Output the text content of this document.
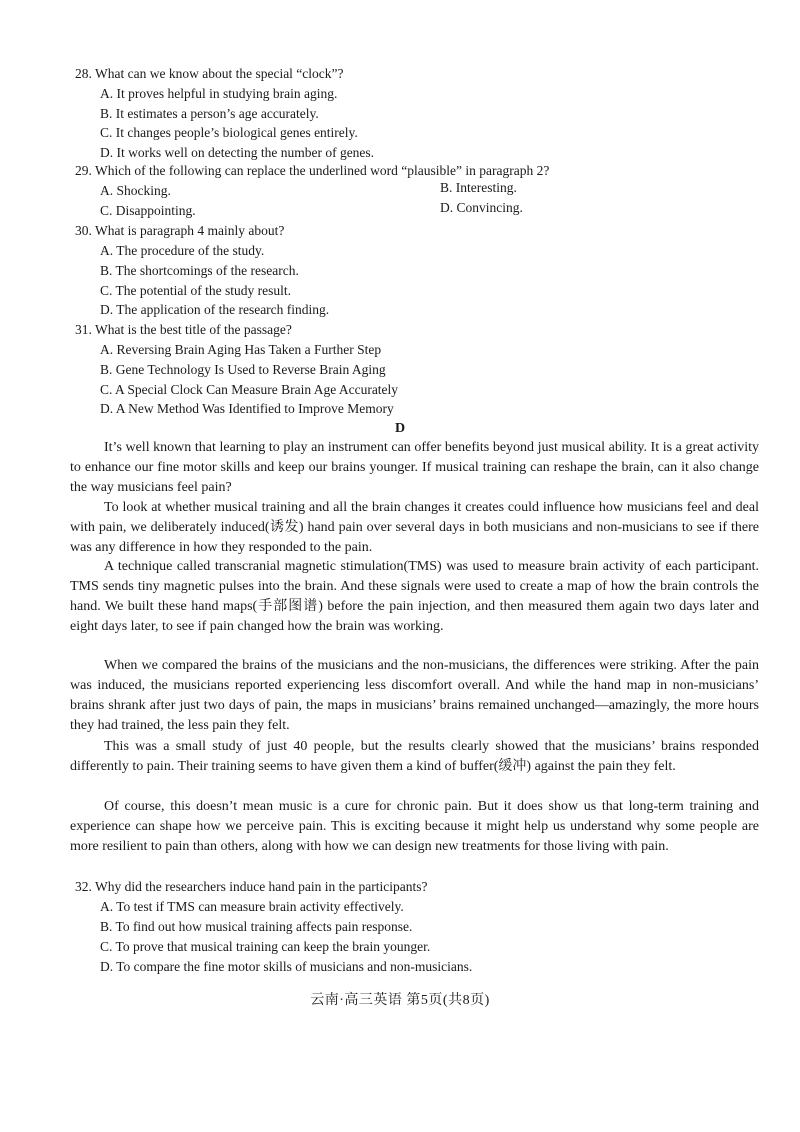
28. What can we know about the special “clock”?
A. It proves helpful in studying brain aging.
B. It estimates a person’s age accurately.
C. It changes people’s biological genes entirely.
D. It works well on detecting the number of genes.
29. Which of the following can replace the underlined word “plausible” in paragraph 2?
A. Shocking.	B. Interesting.
C. Disappointing.	D. Convincing.
30. What is paragraph 4 mainly about?
A. The procedure of the study.
B. The shortcomings of the research.
C. The potential of the study result.
D. The application of the research finding.
31. What is the best title of the passage?
A. Reversing Brain Aging Has Taken a Further Step
B. Gene Technology Is Used to Reverse Brain Aging
C. A Special Clock Can Measure Brain Age Accurately
D. A New Method Was Identified to Improve Memory
D
It’s well known that learning to play an instrument can offer benefits beyond just musical ability. It is a great activity to enhance our fine motor skills and keep our brains younger. If musical training can reshape the brain, can it also change the way musicians feel pain?
To look at whether musical training and all the brain changes it creates could influence how musicians feel and deal with pain, we deliberately induced(诱发) hand pain over several days in both musicians and non-musicians to see if there was any difference in how they responded to the pain.
A technique called transcranial magnetic stimulation(TMS) was used to measure brain activity of each participant. TMS sends tiny magnetic pulses into the brain. And these signals were used to create a map of how the brain controls the hand. We built these hand maps(手部图谱) before the pain injection, and then measured them again two days later and eight days later, to see if pain changed how the brain was working.
When we compared the brains of the musicians and the non-musicians, the differences were striking. After the pain was induced, the musicians reported experiencing less discomfort overall. And while the hand map in non-musicians’ brains shrank after just two days of pain, the maps in musicians’ brains remained unchanged—amazingly, the more hours they had trained, the less pain they felt.
This was a small study of just 40 people, but the results clearly showed that the musicians’ brains responded differently to pain. Their training seems to have given them a kind of buffer(缓冲) against the pain they felt.
Of course, this doesn’t mean music is a cure for chronic pain. But it does show us that long-term training and experience can shape how we perceive pain. This is exciting because it might help us understand why some people are more resilient to pain than others, along with how we can design new treatments for those living with pain.
32. Why did the researchers induce hand pain in the participants?
A. To test if TMS can measure brain activity effectively.
B. To find out how musical training affects pain response.
C. To prove that musical training can keep the brain younger.
D. To compare the fine motor skills of musicians and non-musicians.
云南·高三英语 第5页(共8页)
